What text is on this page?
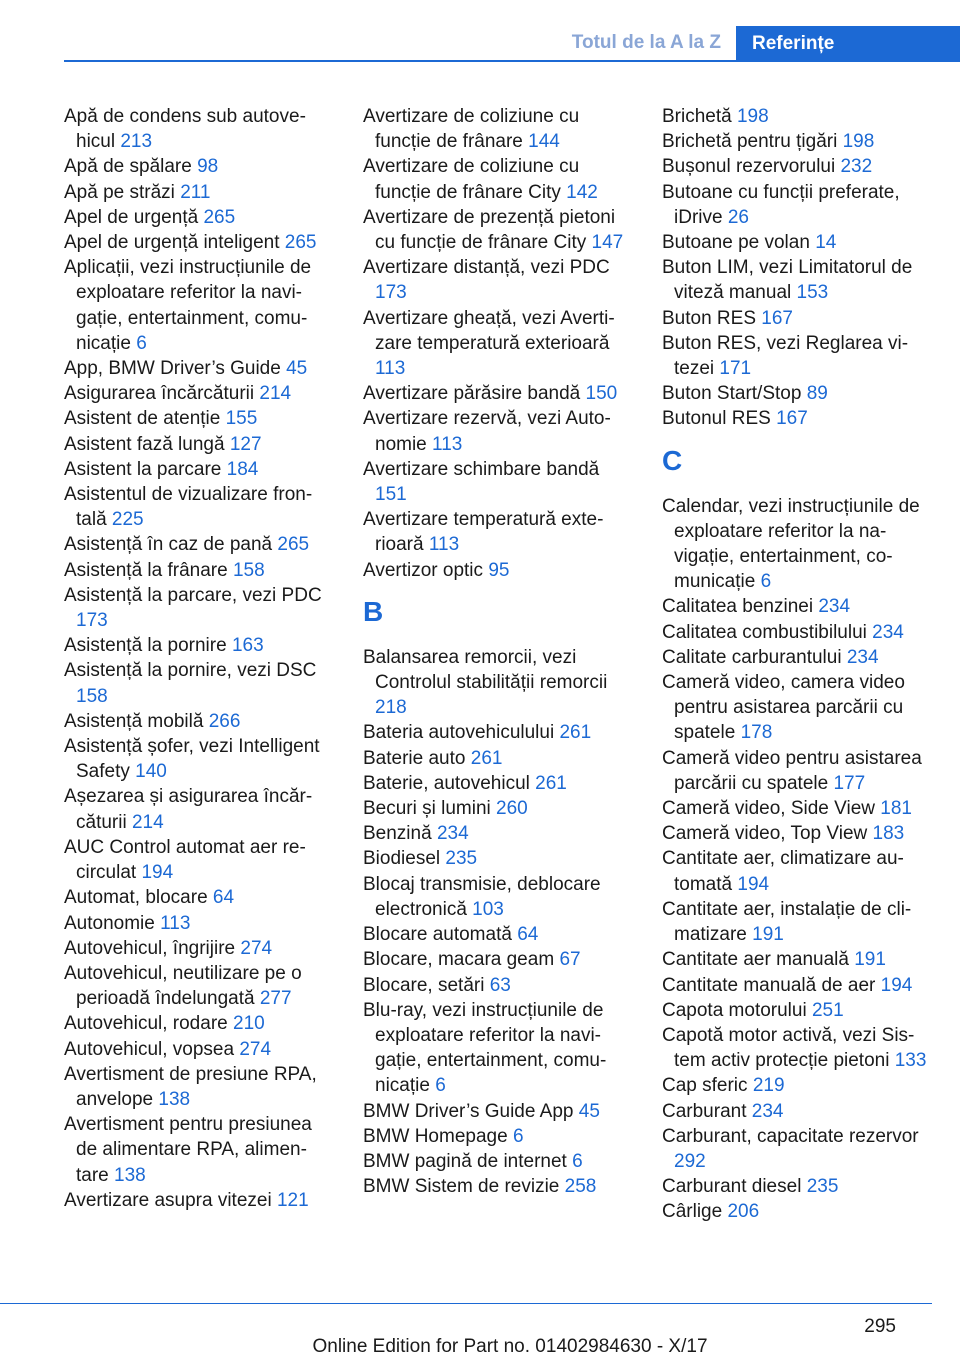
Totul de la A la Z	Referințe

Apă de condens sub autovehicul 213

Apă de spălare 98

Apă pe străzi 211

Apel de urgență 265

Apel de urgență inteligent 265

Aplicații, vezi instrucțiunile de exploatare referitor la navigație, entertainment, comunicație 6

App, BMW Driver’s Guide 45

Asigurarea încărcăturii 214

Asistent de atenție 155

Asistent fază lungă 127

Asistent la parcare 184

Asistentul de vizualizare frontală 225

Asistență în caz de pană 265

Asistență la frânare 158

Asistență la parcare, vezi PDC 173

Asistență la pornire 163

Asistență la pornire, vezi DSC 158

Asistență mobilă 266

Asistență șofer, vezi Intelligent Safety 140

Așezarea și asigurarea încărcăturii 214

AUC Control automat aer recirculat 194

Automat, blocare 64

Autonomie 113

Autovehicul, îngrijire 274

Autovehicul, neutilizare pe o perioadă îndelungată 277

Autovehicul, rodare 210

Autovehicul, vopsea 274

Avertisment de presiune RPA, anvelope 138

Avertisment pentru presiunea de alimentare RPA, alimentare 138

Avertizare asupra vitezei 121

Avertizare de coliziune cu funcție de frânare 144

Avertizare de coliziune cu funcție de frânare City 142

Avertizare de prezență pietoni cu funcție de frânare City 147

Avertizare distanță, vezi PDC 173

Avertizare gheață, vezi Avertizare temperatură exterioară 113

Avertizare părăsire bandă 150

Avertizare rezervă, vezi Autonomie 113

Avertizare schimbare bandă 151

Avertizare temperatură exterioară 113

Avertizor optic 95

B

Balansarea remorcii, vezi Controlul stabilității remorcii 218

Bateria autovehiculului 261

Baterie auto 261

Baterie, autovehicul 261

Becuri și lumini 260

Benzină 234

Biodiesel 235

Blocaj transmisie, deblocare electronică 103

Blocare automată 64

Blocare, macara geam 67

Blocare, setări 63

Blu-ray, vezi instrucțiunile de exploatare referitor la navigație, entertainment, comunicație 6

BMW Driver’s Guide App 45

BMW Homepage 6

BMW pagină de internet 6

BMW Sistem de revizie 258

Brichetă 198

Brichetă pentru țigări 198

Bușonul rezervorului 232

Butoane cu funcții preferate, iDrive 26

Butoane pe volan 14

Buton LIM, vezi Limitatorul de viteză manual 153

Buton RES 167

Buton RES, vezi Reglarea vitezei 171

Buton Start/Stop 89

Butonul RES 167

C

Calendar, vezi instrucțiunile de exploatare referitor la navigație, entertainment, comunicație 6

Calitatea benzinei 234

Calitatea combustibilului 234

Calitate carburantului 234

Cameră video, camera video pentru asistarea parcării cu spatele 178

Cameră video pentru asistarea parcării cu spatele 177

Cameră video, Side View 181

Cameră video, Top View 183

Cantitate aer, climatizare automată 194

Cantitate aer, instalație de climatizare 191

Cantitate aer manuală 191

Cantitate manuală de aer 194

Capota motorului 251

Capotă motor activă, vezi Sistem activ protecție pietoni 133

Cap sferic 219

Carburant 234

Carburant, capacitate rezervor 292

Carburant diesel 235

Cârlige 206

295
Online Edition for Part no. 01402984630 - X/17
